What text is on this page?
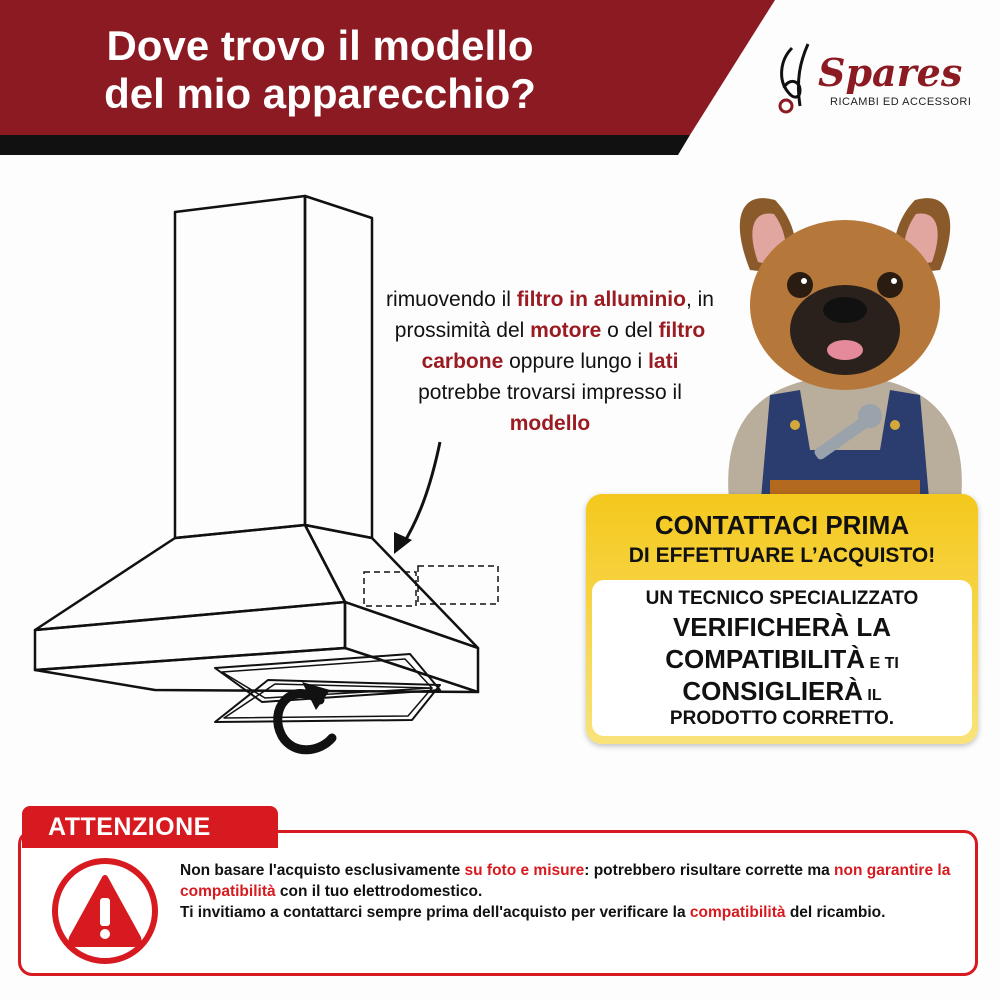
Dove trovo il modello
del mio apparecchio?	Spares
RICAMBI ED ACCESSORI
rimuovendo il filtro in alluminio, in prossimità del motore o del filtro carbone oppure lungo i lati potrebbe trovarsi impresso il modello
CONTATTACI PRIMA
DI EFFETTUARE L’ACQUISTO!
UN TECNICO SPECIALIZZATO
VERIFICHERÀ LA
COMPATIBILITÀ E TI
CONSIGLIERÀ IL
PRODOTTO CORRETTO.
ATTENZIONE
Non basare l'acquisto esclusivamente su foto e misure: potrebbero risultare corrette ma non garantire la compatibilità con il tuo elettrodomestico.
Ti invitiamo a contattarci sempre prima dell'acquisto per verificare la compatibilità del ricambio.
